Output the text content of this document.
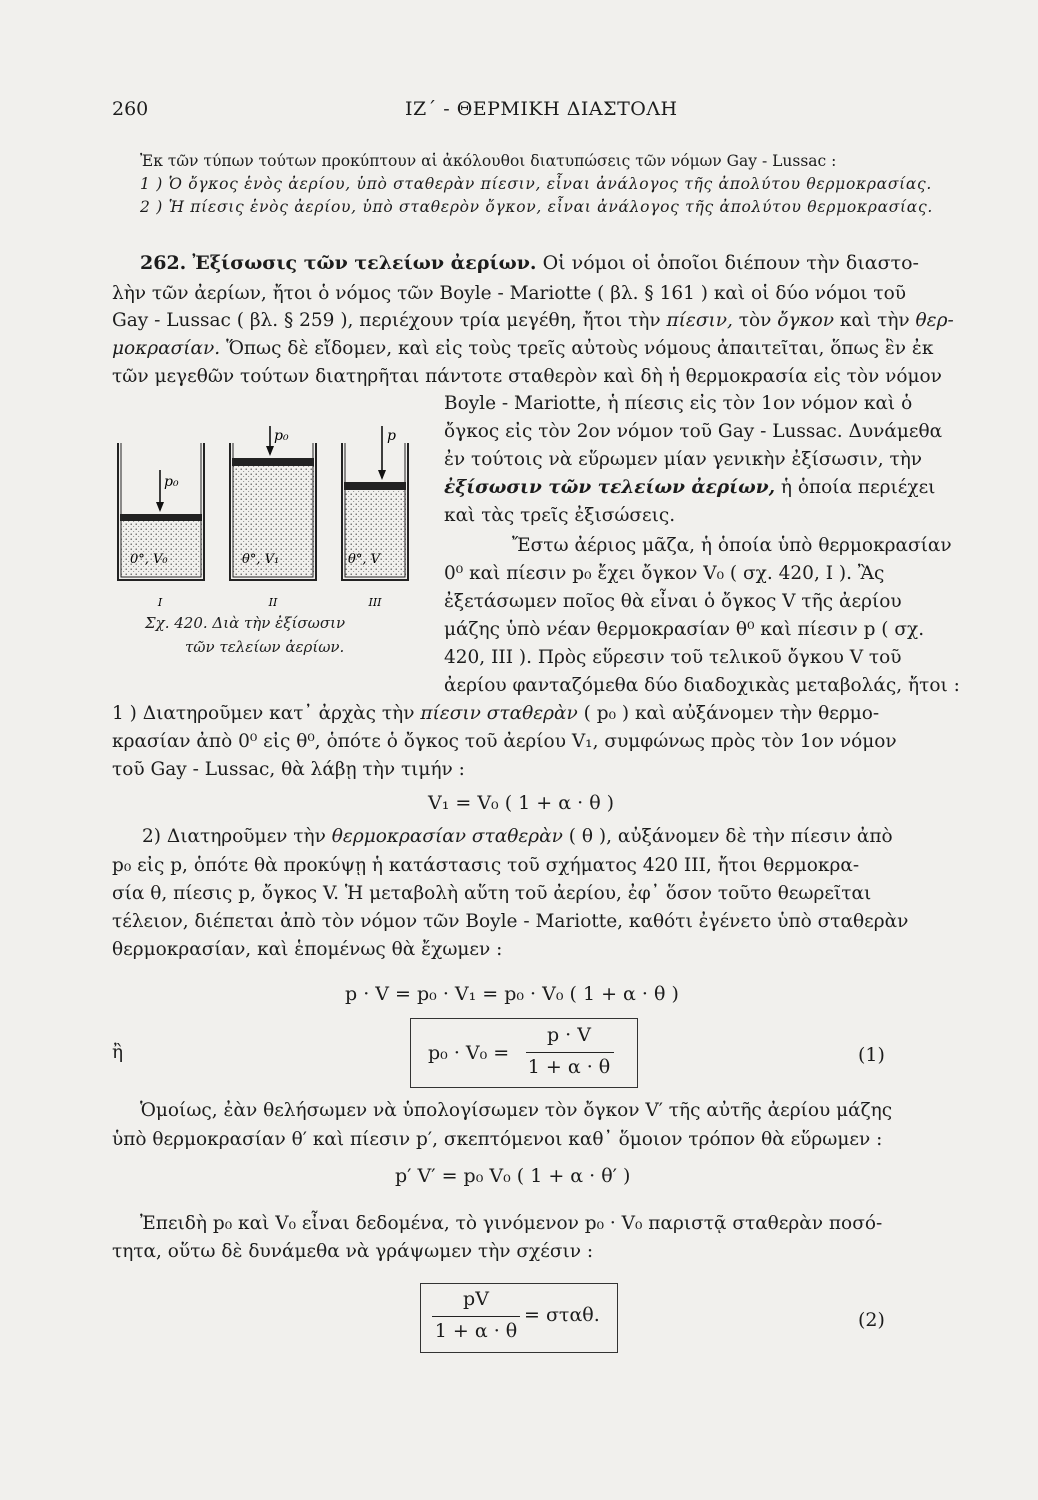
260	ΙΖ΄ - ΘΕΡΜΙΚΗ ΔΙΑΣΤΟΛΗ
Ἐκ τῶν τύπων τούτων προκύπτουν αἱ ἀκόλουθοι διατυπώσεις τῶν νόμων Gay - Lussac :
1 ) Ὁ ὄγκος ἑνὸς ἀερίου, ὑπὸ σταθερὰν πίεσιν, εἶναι ἀνάλογος τῆς ἀπολύτου θερμοκρασίας.
2 ) Ἡ πίεσις ἑνὸς ἀερίου, ὑπὸ σταθερὸν ὄγκον, εἶναι ἀνάλογος τῆς ἀπολύτου θερμοκρασίας.
262. Ἐξίσωσις τῶν τελείων ἀερίων. Οἱ νόμοι οἱ ὁποῖοι διέπουν τὴν διαστο-
λὴν τῶν ἀερίων, ἤτοι ὁ νόμος τῶν Boyle - Mariotte ( βλ. § 161 ) καὶ οἱ δύο νόμοι τοῦ
Gay - Lussac ( βλ. § 259 ), περιέχουν τρία μεγέθη, ἤτοι τὴν πίεσιν, τὸν ὄγκον καὶ τὴν θερ-
μοκρασίαν. Ὅπως δὲ εἴδομεν, καὶ εἰς τοὺς τρεῖς αὐτοὺς νόμους ἀπαιτεῖται, ὅπως ἓν ἐκ
τῶν μεγεθῶν τούτων διατηρῆται πάντοτε σταθερὸν καὶ δὴ ἡ θερμοκρασία εἰς τὸν νόμον
Boyle - Mariotte, ἡ πίεσις εἰς τὸν 1ον νόμον καὶ ὁ
ὄγκος εἰς τὸν 2ον νόμον τοῦ Gay - Lussac. Δυνάμεθα
ἐν τούτοις νὰ εὕρωμεν μίαν γενικὴν ἐξίσωσιν, τὴν
ἐξίσωσιν τῶν τελείων ἀερίων, ἡ ὁποία περιέχει
καὶ τὰς τρεῖς ἐξισώσεις.
Ἔστω ἀέριος μᾶζα, ἡ ὁποία ὑπὸ θερμοκρασίαν
0⁰ καὶ πίεσιν p₀ ἔχει ὄγκον V₀ ( σχ. 420, I ). Ἂς
ἐξετάσωμεν ποῖος θὰ εἶναι ὁ ὄγκος V τῆς ἀερίου
μάζης ὑπὸ νέαν θερμοκρασίαν θ⁰ καὶ πίεσιν p ( σχ.
420, III ). Πρὸς εὕρεσιν τοῦ τελικοῦ ὄγκου V τοῦ
ἀερίου φανταζόμεθα δύο διαδοχικὰς μεταβολάς, ἤτοι :
p₀
p₀	p
0°, V₀	θ°, V₁	θ°, V
I	II	III
Σχ. 420. Διὰ τὴν ἐξίσωσιν
τῶν τελείων ἀερίων.
1 ) Διατηροῦμεν κατ᾽ ἀρχὰς τὴν πίεσιν σταθερὰν ( p₀ ) καὶ αὐξάνομεν τὴν θερμο-
κρασίαν ἀπὸ 0⁰ εἰς θ⁰, ὁπότε ὁ ὄγκος τοῦ ἀερίου V₁, συμφώνως πρὸς τὸν 1ον νόμον
τοῦ Gay - Lussac, θὰ λάβῃ τὴν τιμήν :
V₁ = V₀ ( 1 + α · θ )
2) Διατηροῦμεν τὴν θερμοκρασίαν σταθερὰν ( θ ), αὐξάνομεν δὲ τὴν πίεσιν ἀπὸ
p₀ εἰς p, ὁπότε θὰ προκύψῃ ἡ κατάστασις τοῦ σχήματος 420 III, ἤτοι θερμοκρα-
σία θ, πίεσις p, ὄγκος V. Ἡ μεταβολὴ αὕτη τοῦ ἀερίου, ἐφ᾽ ὅσον τοῦτο θεωρεῖται
τέλειον, διέπεται ἀπὸ τὸν νόμον τῶν Boyle - Mariotte, καθότι ἐγένετο ὑπὸ σταθερὰν
θερμοκρασίαν, καὶ ἑπομένως θὰ ἔχωμεν :
p · V = p₀ · V₁ = p₀ · V₀ ( 1 + α · θ )
ἢ	p₀ · V₀ =
p · V
1 + α · θ
(1)
Ὁμοίως, ἐὰν θελήσωμεν νὰ ὑπολογίσωμεν τὸν ὄγκον V′ τῆς αὐτῆς ἀερίου μάζης
ὑπὸ θερμοκρασίαν θ′ καὶ πίεσιν p′, σκεπτόμενοι καθ᾽ ὅμοιον τρόπον θὰ εὕρωμεν :
p′ V′ = p₀ V₀ ( 1 + α · θ′ )
Ἐπειδὴ p₀ καὶ V₀ εἶναι δεδομένα, τὸ γινόμενον p₀ · V₀ παριστᾷ σταθερὰν ποσό-
τητα, οὕτω δὲ δυνάμεθα νὰ γράψωμεν τὴν σχέσιν :
pV
1 + α · θ
= σταθ.	(2)
